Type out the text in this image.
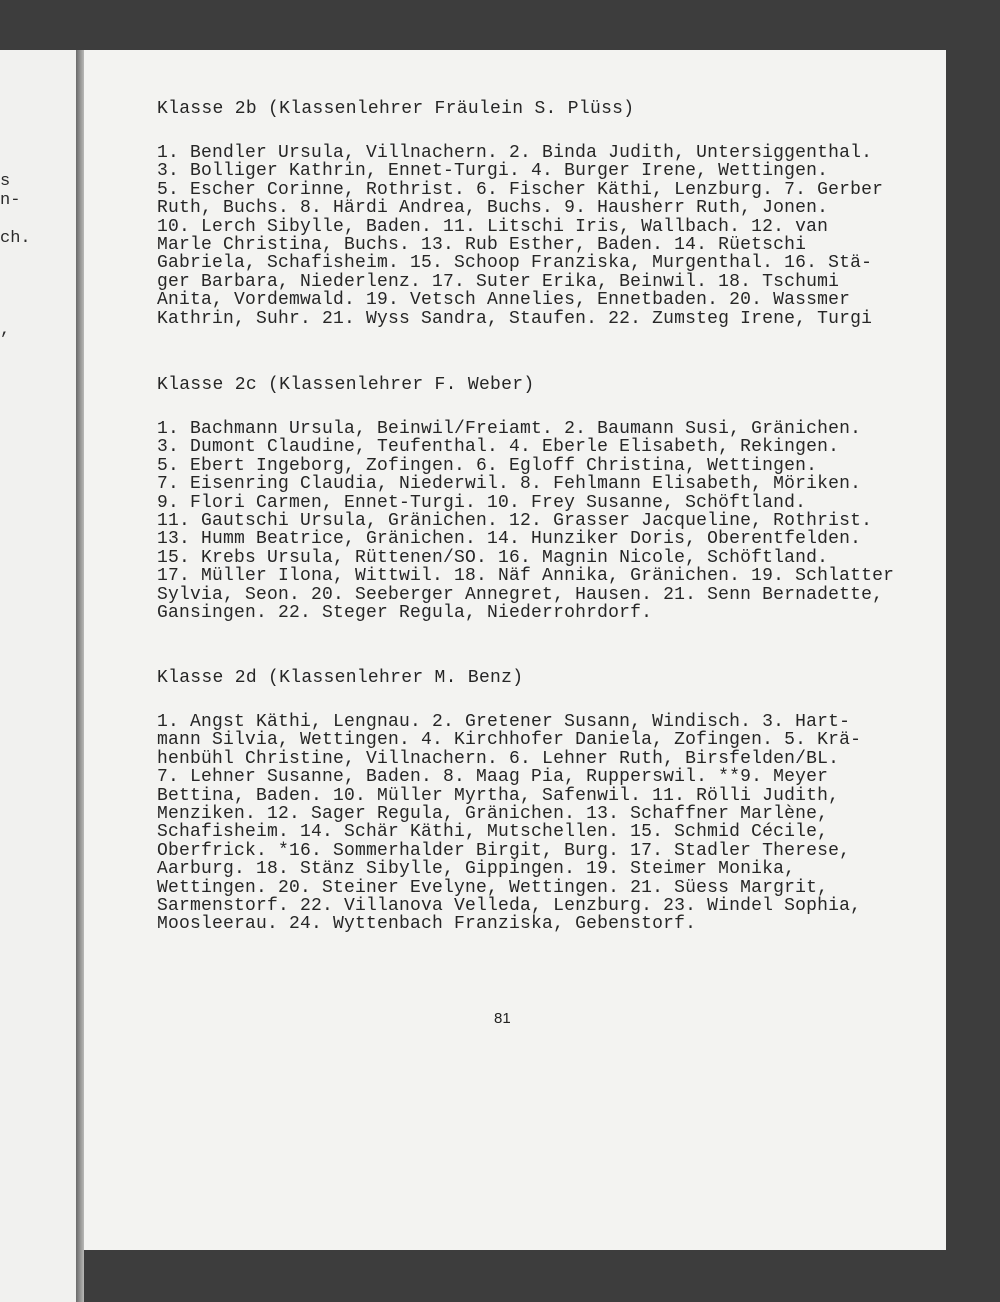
s
n-
ch.
,
Klasse 2b (Klassenlehrer Fräulein S. Plüss)
1. Bendler Ursula, Villnachern. 2. Binda Judith, Untersiggenthal.
3. Bolliger Kathrin, Ennet-Turgi. 4. Burger Irene, Wettingen.
5. Escher Corinne, Rothrist. 6. Fischer Käthi, Lenzburg. 7. Gerber
Ruth, Buchs. 8. Härdi Andrea, Buchs. 9. Hausherr Ruth, Jonen.
10. Lerch Sibylle, Baden. 11. Litschi Iris, Wallbach. 12. van
Marle Christina, Buchs. 13. Rub Esther, Baden. 14. Rüetschi
Gabriela, Schafisheim. 15. Schoop Franziska, Murgenthal. 16. Stä-
ger Barbara, Niederlenz. 17. Suter Erika, Beinwil. 18. Tschumi
Anita, Vordemwald. 19. Vetsch Annelies, Ennetbaden. 20. Wassmer
Kathrin, Suhr. 21. Wyss Sandra, Staufen. 22. Zumsteg Irene, Turgi
Klasse 2c (Klassenlehrer F. Weber)
1. Bachmann Ursula, Beinwil/Freiamt. 2. Baumann Susi, Gränichen.
3. Dumont Claudine, Teufenthal. 4. Eberle Elisabeth, Rekingen.
5. Ebert Ingeborg, Zofingen. 6. Egloff Christina, Wettingen.
7. Eisenring Claudia, Niederwil. 8. Fehlmann Elisabeth, Möriken.
9. Flori Carmen, Ennet-Turgi. 10. Frey Susanne, Schöftland.
11. Gautschi Ursula, Gränichen. 12. Grasser Jacqueline, Rothrist.
13. Humm Beatrice, Gränichen. 14. Hunziker Doris, Oberentfelden.
15. Krebs Ursula, Rüttenen/SO. 16. Magnin Nicole, Schöftland.
17. Müller Ilona, Wittwil. 18. Näf Annika, Gränichen. 19. Schlatter
Sylvia, Seon. 20. Seeberger Annegret, Hausen. 21. Senn Bernadette,
Gansingen. 22. Steger Regula, Niederrohrdorf.
Klasse 2d (Klassenlehrer M. Benz)
1. Angst Käthi, Lengnau. 2. Gretener Susann, Windisch. 3. Hart-
mann Silvia, Wettingen. 4. Kirchhofer Daniela, Zofingen. 5. Krä-
henbühl Christine, Villnachern. 6. Lehner Ruth, Birsfelden/BL.
7. Lehner Susanne, Baden. 8. Maag Pia, Rupperswil. **9. Meyer
Bettina, Baden. 10. Müller Myrtha, Safenwil. 11. Rölli Judith,
Menziken. 12. Sager Regula, Gränichen. 13. Schaffner Marlène,
Schafisheim. 14. Schär Käthi, Mutschellen. 15. Schmid Cécile,
Oberfrick. *16. Sommerhalder Birgit, Burg. 17. Stadler Therese,
Aarburg. 18. Stänz Sibylle, Gippingen. 19. Steimer Monika,
Wettingen. 20. Steiner Evelyne, Wettingen. 21. Süess Margrit,
Sarmenstorf. 22. Villanova Velleda, Lenzburg. 23. Windel Sophia,
Moosleerau. 24. Wyttenbach Franziska, Gebenstorf.
81
